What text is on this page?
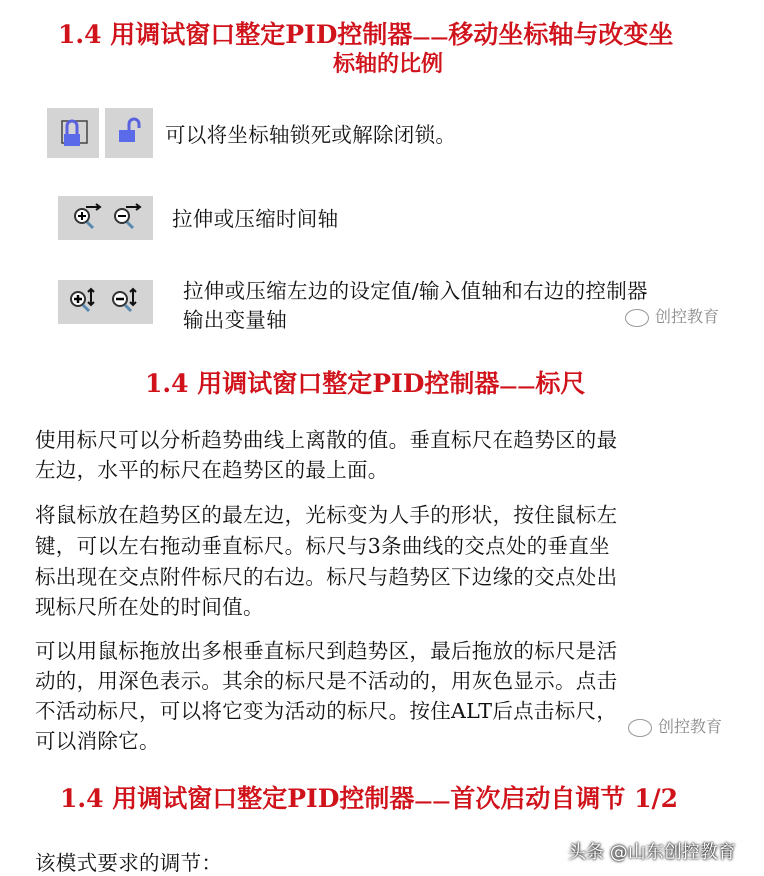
1.4 用调试窗口整定PID控制器——移动坐标轴与改变坐
标轴的比例
可以将坐标轴锁死或解除闭锁。
拉伸或压缩时间轴
拉伸或压缩左边的设定值/输入值轴和右边的控制器
输出变量轴	创控教育
1.4 用调试窗口整定PID控制器——标尺
使用标尺可以分析趋势曲线上离散的值。垂直标尺在趋势区的最
左边，水平的标尺在趋势区的最上面。
将鼠标放在趋势区的最左边，光标变为人手的形状，按住鼠标左
键，可以左右拖动垂直标尺。标尺与3条曲线的交点处的垂直坐
标出现在交点附件标尺的右边。标尺与趋势区下边缘的交点处出
现标尺所在处的时间值。
可以用鼠标拖放出多根垂直标尺到趋势区，最后拖放的标尺是活
动的，用深色表示。其余的标尺是不活动的，用灰色显示。点击
不活动标尺，可以将它变为活动的标尺。按住ALT后点击标尺，
可以消除它。
创控教育
1.4 用调试窗口整定PID控制器——首次启动自调节 1/2
该模式要求的调节：	头条 @山东创控教育
